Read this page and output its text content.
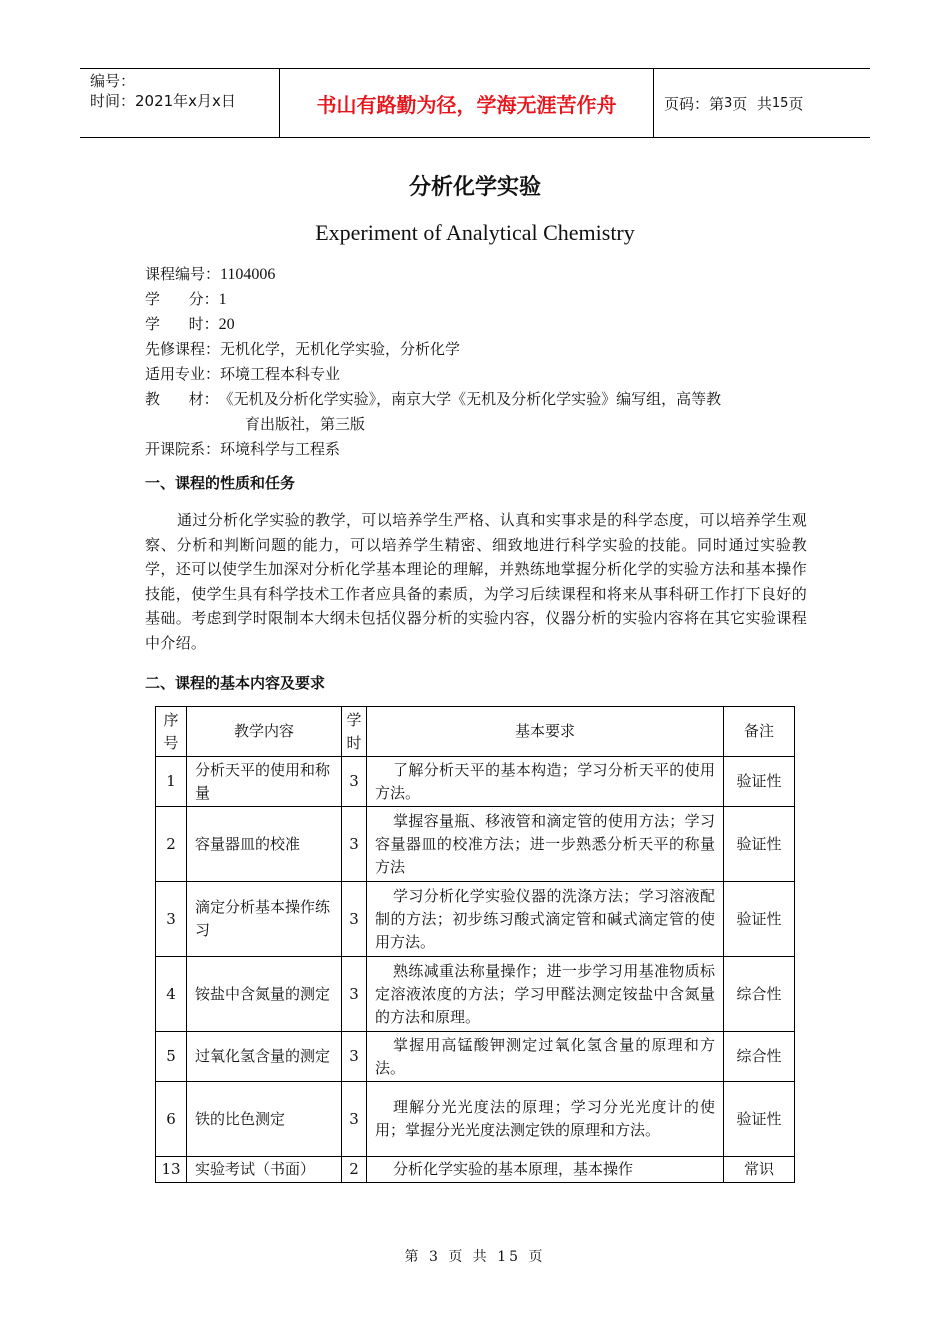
编号：
时间：2021年x月x日	书山有路勤为径，学海无涯苦作舟	页码：第 3 页  共 15 页
分析化学实验
Experiment of Analytical Chemistry
课程编号： 1104006
学      分： 1
学      时： 20
先修课程： 无机化学，无机化学实验，分析化学
适用专业： 环境工程本科专业
教      材： 《无机及分析化学实验》，南京大学《无机及分析化学实验》编写组，高等教
育出版社，第三版
开课院系： 环境科学与工程系
一、课程的性质和任务
通过分析化学实验的教学，可以培养学生严格、认真和实事求是的科学态度，可以培养学生观察、分析和判断问题的能力，可以培养学生精密、细致地进行科学实验的技能。同时通过实验教学，还可以使学生加深对分析化学基本理论的理解，并熟练地掌握分析化学的实验方法和基本操作技能，使学生具有科学技术工作者应具备的素质，为学习后续课程和将来从事科研工作打下良好的基础。考虑到学时限制本大纲未包括仪器分析的实验内容，仪器分析的实验内容将在其它实验课程中介绍。
二、课程的基本内容及要求
序号	教学内容	学时	基本要求	备注
1	分析天平的使用和称量	3	了解分析天平的基本构造；学习分析天平的使用方法。	验证性
2	容量器皿的校准	3	掌握容量瓶、移液管和滴定管的使用方法；学习容量器皿的校准方法；进一步熟悉分析天平的称量方法	验证性
3	滴定分析基本操作练习	3	学习分析化学实验仪器的洗涤方法；学习溶液配制的方法；初步练习酸式滴定管和碱式滴定管的使用方法。	验证性
4	铵盐中含氮量的测定	3	熟练减重法称量操作；进一步学习用基准物质标定溶液浓度的方法；学习甲醛法测定铵盐中含氮量的方法和原理。	综合性
5	过氧化氢含量的测定	3	掌握用高锰酸钾测定过氧化氢含量的原理和方法。	综合性
6	铁的比色测定	3	理解分光光度法的原理；学习分光光度计的使用；掌握分光光度法测定铁的原理和方法。	验证性
13	实验考试（书面）	2	分析化学实验的基本原理，基本操作	常识
第 3 页 共 15 页
